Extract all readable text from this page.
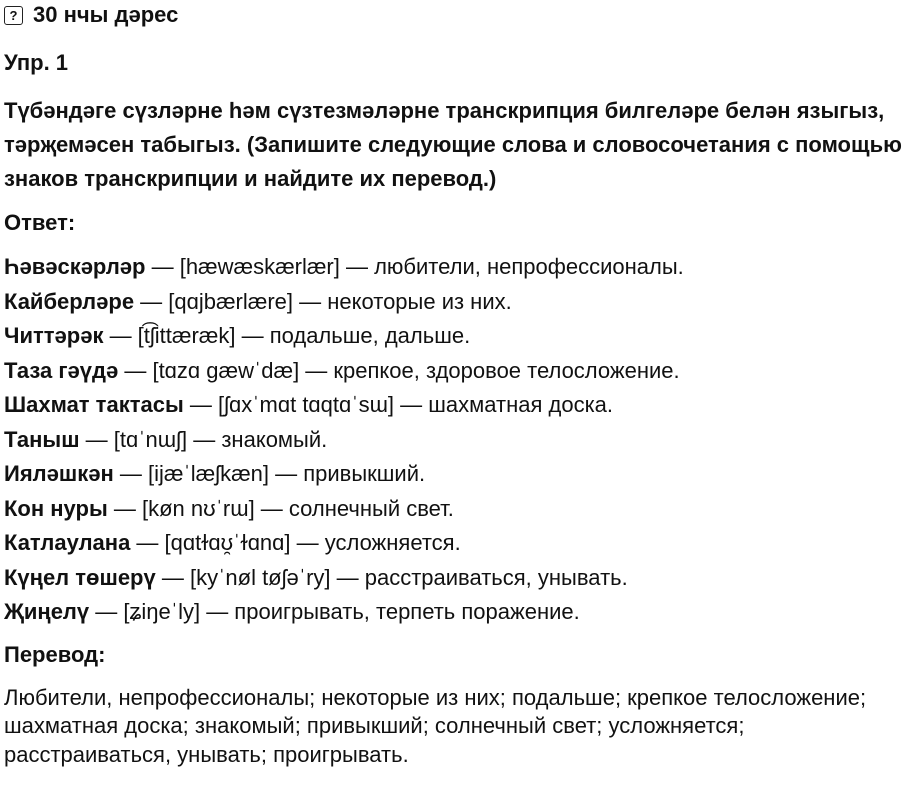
? 30 нчы дәрес
Упр. 1
Түбәндәге сүзләрне һәм сүзтезмәләрне транскрипция билгеләре белән языгыз, тәрҗемәсен табыгыз. (Запишите следующие слова и словосочетания с помощью знаков транскрипции и найдите их перевод.)
Ответ:
Һәвәскәрләр — [hæwæskærlær] — любители, непрофессионалы.
Кайберләре — [qɑjbærlære] — некоторые из них.
Читтәрәк — [t͡ʃittæræk] — подальше, дальше.
Таза гәүдә — [tɑzɑ gæwˈdæ] — крепкое, здоровое телосложение.
Шахмат тактасы — [ʃɑxˈmɑt tɑqtɑˈsɯ] — шахматная доска.
Таныш — [tɑˈnɯʃ] — знакомый.
Ияләшкән — [ijæˈlæʃkæn] — привыкший.
Кон нуры — [køn nʊˈrɯ] — солнечный свет.
Катлаулана — [qɑtɫɑʊ̯ˈɫɑnɑ] — усложняется.
Күңел төшерү — [kyˈnøl tøʃəˈry] — расстраиваться, унывать.
Җиңелү — [ʑiŋeˈly] — проигрывать, терпеть поражение.
Перевод:
Любители, непрофессионалы; некоторые из них; подальше; крепкое телосложение; шахматная доска; знакомый; привыкший; солнечный свет; усложняется; расстраиваться, унывать; проигрывать.
